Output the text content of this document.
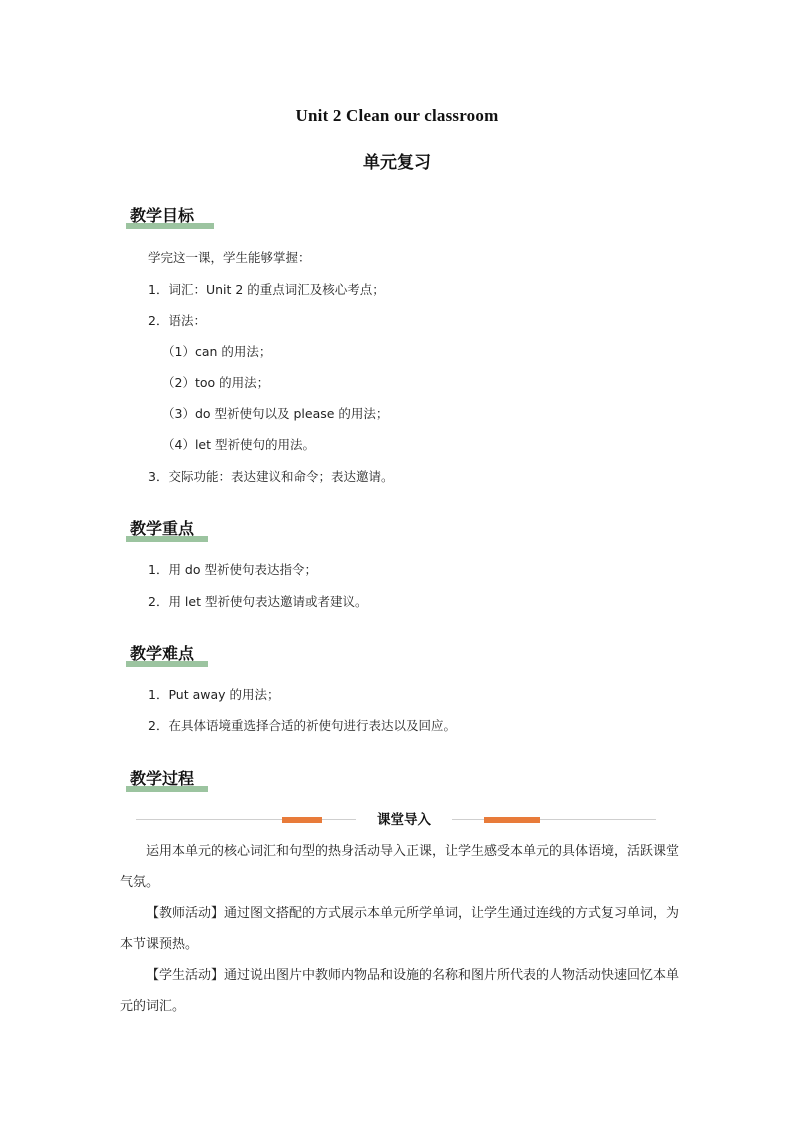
Unit 2 Clean our classroom
单元复习
教学目标
学完这一课，学生能够掌握：
1．词汇：Unit 2 的重点词汇及核心考点；
2．语法：
（1）can 的用法；
（2）too 的用法；
（3）do 型祈使句以及 please 的用法；
（4）let 型祈使句的用法。
3．交际功能：表达建议和命令；表达邀请。
教学重点
1．用 do 型祈使句表达指令；
2．用 let 型祈使句表达邀请或者建议。
教学难点
1．Put away 的用法；
2．在具体语境重选择合适的祈使句进行表达以及回应。
教学过程
课堂导入
运用本单元的核心词汇和句型的热身活动导入正课，让学生感受本单元的具体语境，活跃课堂气氛。
【教师活动】通过图文搭配的方式展示本单元所学单词，让学生通过连线的方式复习单词，为本节课预热。
【学生活动】通过说出图片中教师内物品和设施的名称和图片所代表的人物活动快速回忆本单元的词汇。
